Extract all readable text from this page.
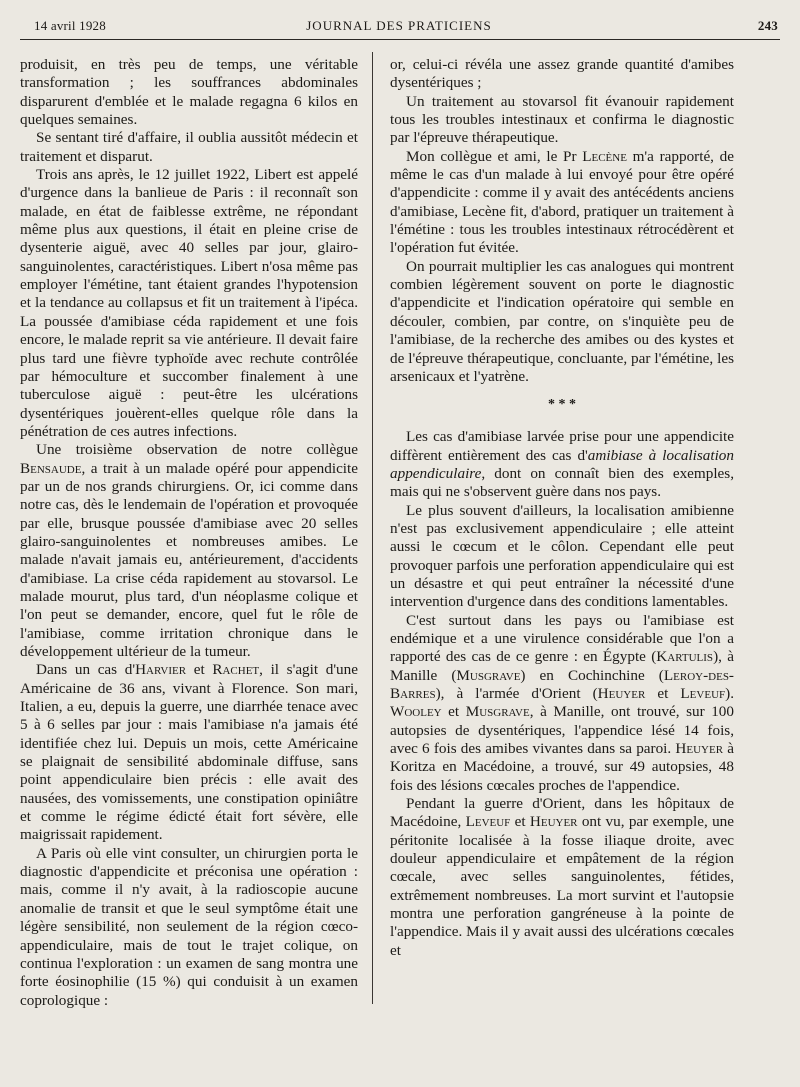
14 avril 1928	JOURNAL DES PRATICIENS	243

produisit, en très peu de temps, une véritable transformation ; les souffrances abdominales disparurent d'emblée et le malade regagna 6 kilos en quelques semaines.

Se sentant tiré d'affaire, il oublia aussitôt médecin et traitement et disparut.

Trois ans après, le 12 juillet 1922, Libert est appelé d'urgence dans la banlieue de Paris : il reconnaît son malade, en état de faiblesse extrême, ne répondant même plus aux questions, il était en pleine crise de dysenterie aiguë, avec 40 selles par jour, glairo-sanguinolentes, caractéristiques. Libert n'osa même pas employer l'émétine, tant étaient grandes l'hypotension et la tendance au collapsus et fit un traitement à l'ipéca. La poussée d'amibiase céda rapidement et une fois encore, le malade reprit sa vie antérieure. Il devait faire plus tard une fièvre typhoïde avec rechute contrôlée par hémoculture et succomber finalement à une tuberculose aiguë : peut-être les ulcérations dysentériques jouèrent-elles quelque rôle dans la pénétration de ces autres infections.

Une troisième observation de notre collègue Bensaude, a trait à un malade opéré pour appendicite par un de nos grands chirurgiens. Or, ici comme dans notre cas, dès le lendemain de l'opération et provoquée par elle, brusque poussée d'amibiase avec 20 selles glairo-sanguinolentes et nombreuses amibes. Le malade n'avait jamais eu, antérieurement, d'accidents d'amibiase. La crise céda rapidement au stovarsol. Le malade mourut, plus tard, d'un néoplasme colique et l'on peut se demander, encore, quel fut le rôle de l'amibiase, comme irritation chronique dans le développement ultérieur de la tumeur.

Dans un cas d'Harvier et Rachet, il s'agit d'une Américaine de 36 ans, vivant à Florence. Son mari, Italien, a eu, depuis la guerre, une diarrhée tenace avec 5 à 6 selles par jour : mais l'amibiase n'a jamais été identifiée chez lui. Depuis un mois, cette Américaine se plaignait de sensibilité abdominale diffuse, sans point appendiculaire bien précis : elle avait des nausées, des vomissements, une constipation opiniâtre et comme le régime édicté était fort sévère, elle maigrissait rapidement.

A Paris où elle vint consulter, un chirurgien porta le diagnostic d'appendicite et préconisa une opération : mais, comme il n'y avait, à la radioscopie aucune anomalie de transit et que le seul symptôme était une légère sensibilité, non seulement de la région cœco-appendiculaire, mais de tout le trajet colique, on continua l'exploration : un examen de sang montra une forte éosinophilie (15 %) qui conduisit à un examen coprologique :

or, celui-ci révéla une assez grande quantité d'amibes dysentériques ;

Un traitement au stovarsol fit évanouir rapidement tous les troubles intestinaux et confirma le diagnostic par l'épreuve thérapeutique.

Mon collègue et ami, le Pr Lecène m'a rapporté, de même le cas d'un malade à lui envoyé pour être opéré d'appendicite : comme il y avait des antécédents anciens d'amibiase, Lecène fit, d'abord, pratiquer un traitement à l'émétine : tous les troubles intestinaux rétrocédèrent et l'opération fut évitée.

On pourrait multiplier les cas analogues qui montrent combien légèrement souvent on porte le diagnostic d'appendicite et l'indication opératoire qui semble en découler, combien, par contre, on s'inquiète peu de l'amibiase, de la recherche des amibes ou des kystes et de l'épreuve thérapeutique, concluante, par l'émétine, les arsenicaux et l'yatrène.

* * *

Les cas d'amibiase larvée prise pour une appendicite diffèrent entièrement des cas d'amibiase à localisation appendiculaire, dont on connaît bien des exemples, mais qui ne s'observent guère dans nos pays.

Le plus souvent d'ailleurs, la localisation amibienne n'est pas exclusivement appendiculaire ; elle atteint aussi le cœcum et le côlon. Cependant elle peut provoquer parfois une perforation appendiculaire qui est un désastre et qui peut entraîner la nécessité d'une intervention d'urgence dans des conditions lamentables.

C'est surtout dans les pays ou l'amibiase est endémique et a une virulence considérable que l'on a rapporté des cas de ce genre : en Égypte (Kartulis), à Manille (Musgrave) en Cochinchine (Leroy-des-Barres), à l'armée d'Orient (Heuyer et Leveuf). Wooley et Musgrave, à Manille, ont trouvé, sur 100 autopsies de dysentériques, l'appendice lésé 14 fois, avec 6 fois des amibes vivantes dans sa paroi. Heuyer à Koritza en Macédoine, a trouvé, sur 49 autopsies, 48 fois des lésions cœcales proches de l'appendice.

Pendant la guerre d'Orient, dans les hôpitaux de Macédoine, Leveuf et Heuyer ont vu, par exemple, une péritonite localisée à la fosse iliaque droite, avec douleur appendiculaire et empâtement de la région cœcale, avec selles sanguinolentes, fétides, extrêmement nombreuses. La mort survint et l'autopsie montra une perforation gangréneuse à la pointe de l'appendice. Mais il y avait aussi des ulcérations cœcales et
